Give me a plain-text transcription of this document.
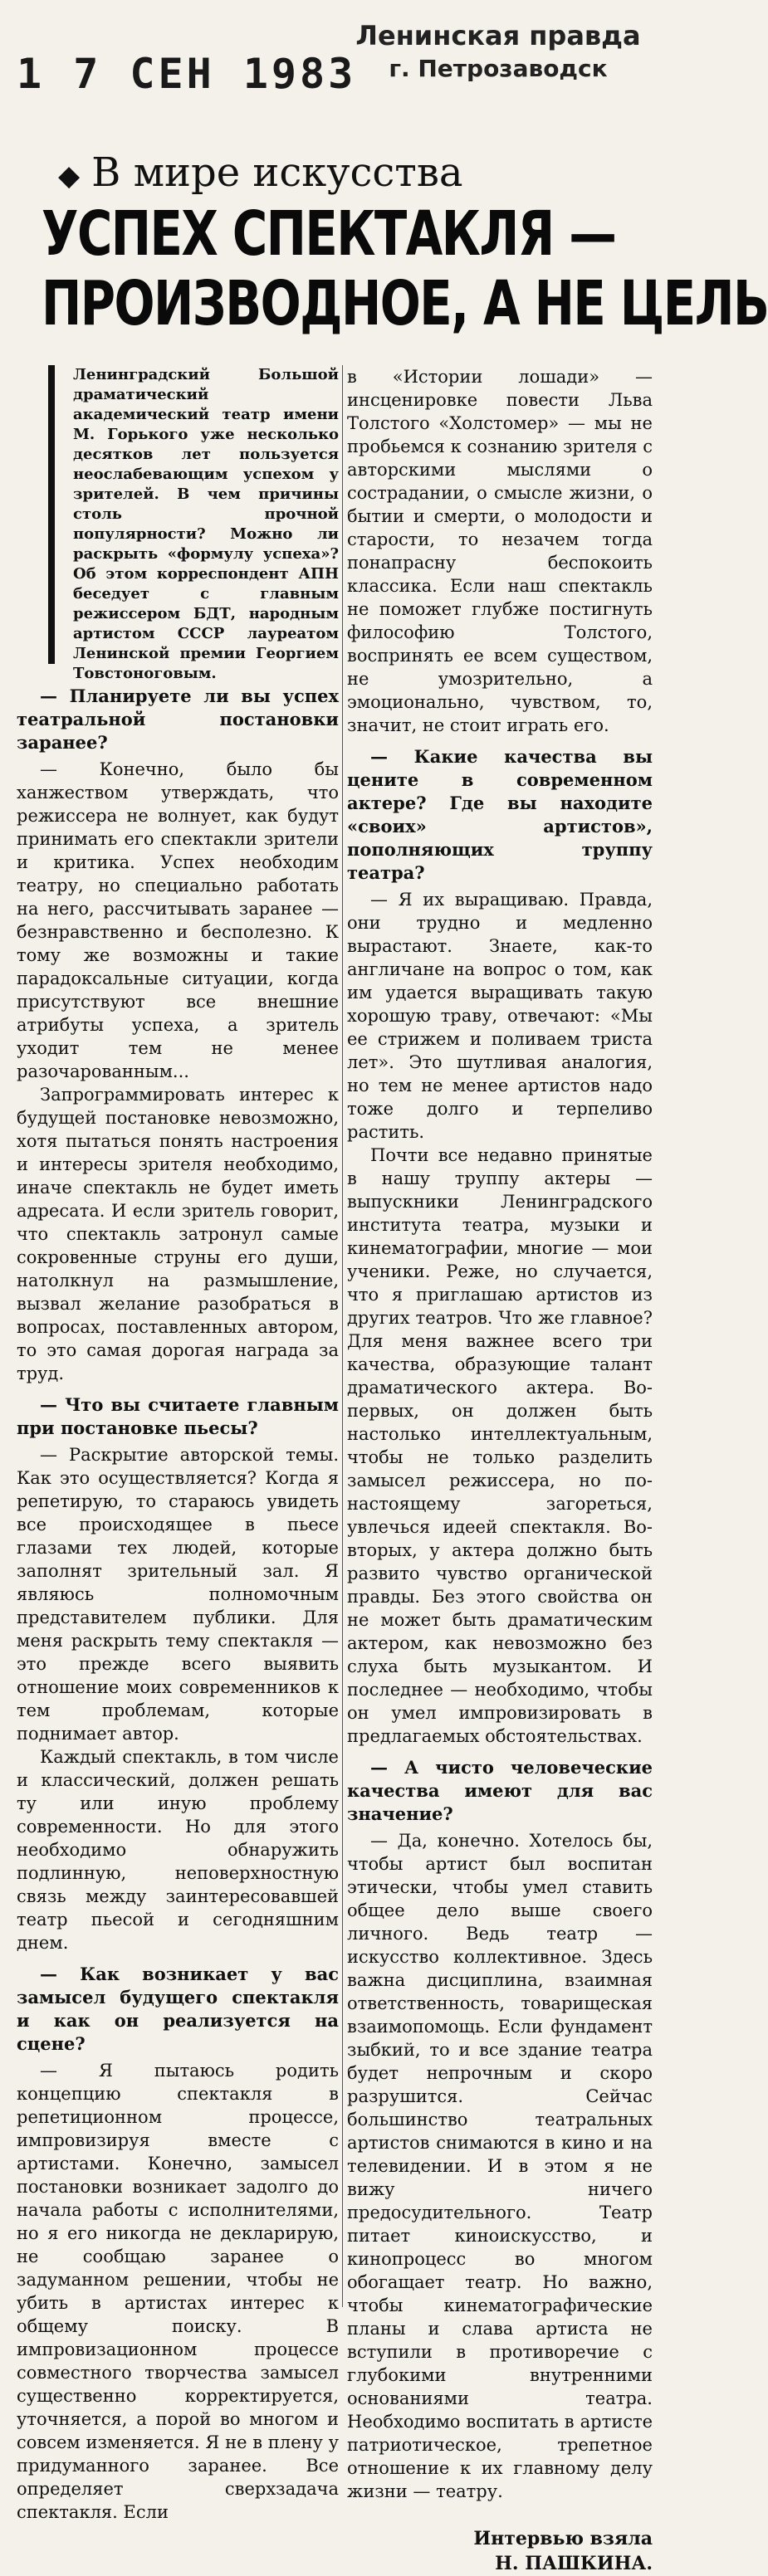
1 7 СЕН 1983
Ленинская правда
г. Петрозаводск
◆ В мире искусства
УСПЕХ СПЕКТАКЛЯ —
ПРОИЗВОДНОЕ, А НЕ ЦЕЛЬ
Ленинградский Большой драматический академический театр имени М. Горького уже несколько десятков лет пользуется неослабевающим успехом у зрителей. В чем причины столь прочной популярности? Можно ли раскрыть «формулу успеха»? Об этом корреспондент АПН беседует с главным режиссером БДТ, народным артистом СССР лауреатом Ленинской премии Георгием Товстоноговым.

— Планируете ли вы успех театральной постановки заранее?

— Конечно, было бы ханжеством утверждать, что режиссера не волнует, как будут принимать его спектакли зрители и критика. Успех необходим театру, но специально работать на него, рассчитывать заранее — безнравственно и бесполезно. К тому же возможны и такие парадоксальные ситуации, когда присутствуют все внешние атрибуты успеха, а зритель уходит тем не менее разочарованным...

Запрограммировать интерес к будущей постановке невозможно, хотя пытаться понять настроения и интересы зрителя необходимо, иначе спектакль не будет иметь адресата. И если зритель говорит, что спектакль затронул самые сокровенные струны его души, натолкнул на размышление, вызвал желание разобраться в вопросах, поставленных автором, то это самая дорогая награда за труд.

— Что вы считаете главным при постановке пьесы?

— Раскрытие авторской темы. Как это осуществляется? Когда я репетирую, то стараюсь увидеть все происходящее в пьесе глазами тех людей, которые заполнят зрительный зал. Я являюсь полномочным представителем публики. Для меня раскрыть тему спектакля — это прежде всего выявить отношение моих современников к тем проблемам, которые поднимает автор.

Каждый спектакль, в том числе и классический, должен решать ту или иную проблему современности. Но для этого необходимо обнаружить подлинную, неповерхностную связь между заинтересовавшей театр пьесой и сегодняшним днем.

— Как возникает у вас замысел будущего спектакля и как он реализуется на сцене?

— Я пытаюсь родить концепцию спектакля в репетиционном процессе, импровизируя вместе с артистами. Конечно, замысел постановки возникает задолго до начала работы с исполнителями, но я его никогда не декларирую, не сообщаю заранее о задуманном решении, чтобы не убить в артистах интерес к общему поиску. В импровизационном процессе совместного творчества замысел существенно корректируется, уточняется, а порой во многом и совсем изменяется. Я не в плену у придуманного заранее. Все определяет сверхзадача спектакля. Если

в «Истории лошади» — инсценировке повести Льва Толстого «Холстомер» — мы не пробьемся к сознанию зрителя с авторскими мыслями о сострадании, о смысле жизни, о бытии и смерти, о молодости и старости, то незачем тогда понапрасну беспокоить классика. Если наш спектакль не поможет глубже постигнуть философию Толстого, воспринять ее всем существом, не умозрительно, а эмоционально, чувством, то, значит, не стоит играть его.

— Какие качества вы цените в современном актере? Где вы находите «своих» артистов», пополняющих труппу театра?

— Я их выращиваю. Правда, они трудно и медленно вырастают. Знаете, как-то англичане на вопрос о том, как им удается выращивать такую хорошую траву, отвечают: «Мы ее стрижем и поливаем триста лет». Это шутливая аналогия, но тем не менее артистов надо тоже долго и терпеливо растить.

Почти все недавно принятые в нашу труппу актеры — выпускники Ленинградского института театра, музыки и кинематографии, многие — мои ученики. Реже, но случается, что я приглашаю артистов из других театров. Что же главное? Для меня важнее всего три качества, образующие талант драматического актера. Во-первых, он должен быть настолько интеллектуальным, чтобы не только разделить замысел режиссера, но по-настоящему загореться, увлечься идеей спектакля. Во-вторых, у актера должно быть развито чувство органической правды. Без этого свойства он не может быть драматическим актером, как невозможно без слуха быть музыкантом. И последнее — необходимо, чтобы он умел импровизировать в предлагаемых обстоятельствах.

— А чисто человеческие качества имеют для вас значение?

— Да, конечно. Хотелось бы, чтобы артист был воспитан этически, чтобы умел ставить общее дело выше своего личного. Ведь театр — искусство коллективное. Здесь важна дисциплина, взаимная ответственность, товарищеская взаимопомощь. Если фундамент зыбкий, то и все здание театра будет непрочным и скоро разрушится. Сейчас большинство театральных артистов снимаются в кино и на телевидении. И в этом я не вижу ничего предосудительного. Театр питает киноискусство, и кинопроцесс во многом обогащает театр. Но важно, чтобы кинематографические планы и слава артиста не вступили в противоречие с глубокими внутренними основаниями театра. Необходимо воспитать в артисте патриотическое, трепетное отношение к их главному делу жизни — театру.

Интервью взяла
Н. ПАШКИНА.
